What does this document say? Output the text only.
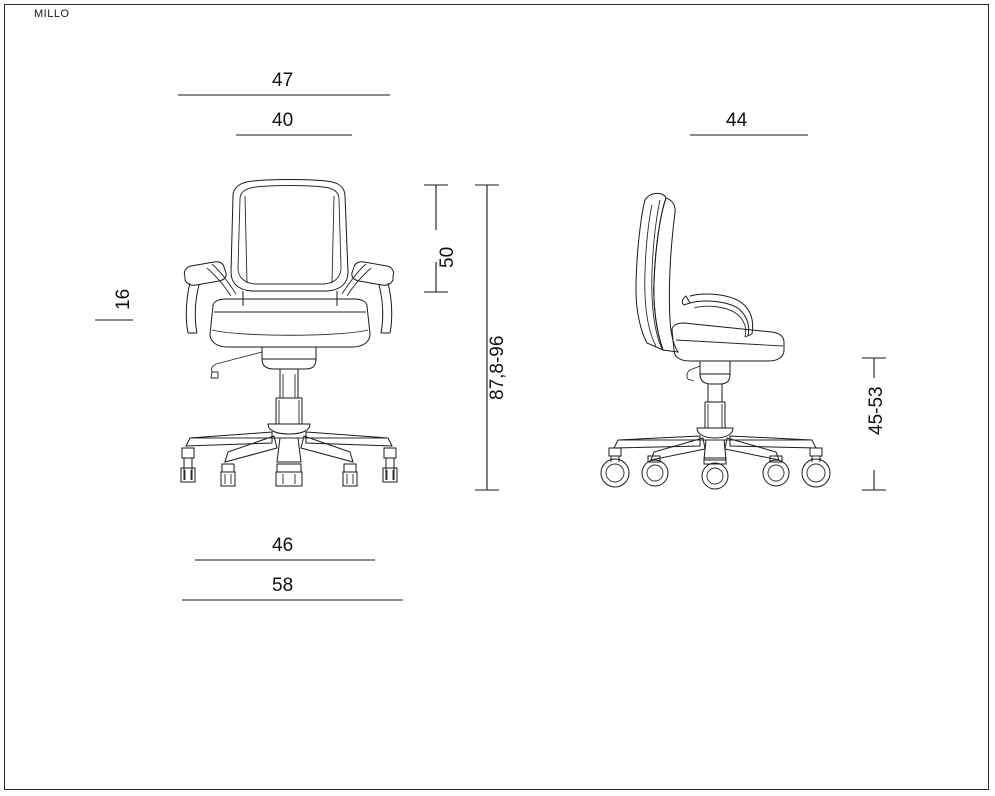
MILLO
47
40
16
50
87,8-96
46
58
44
45-53
